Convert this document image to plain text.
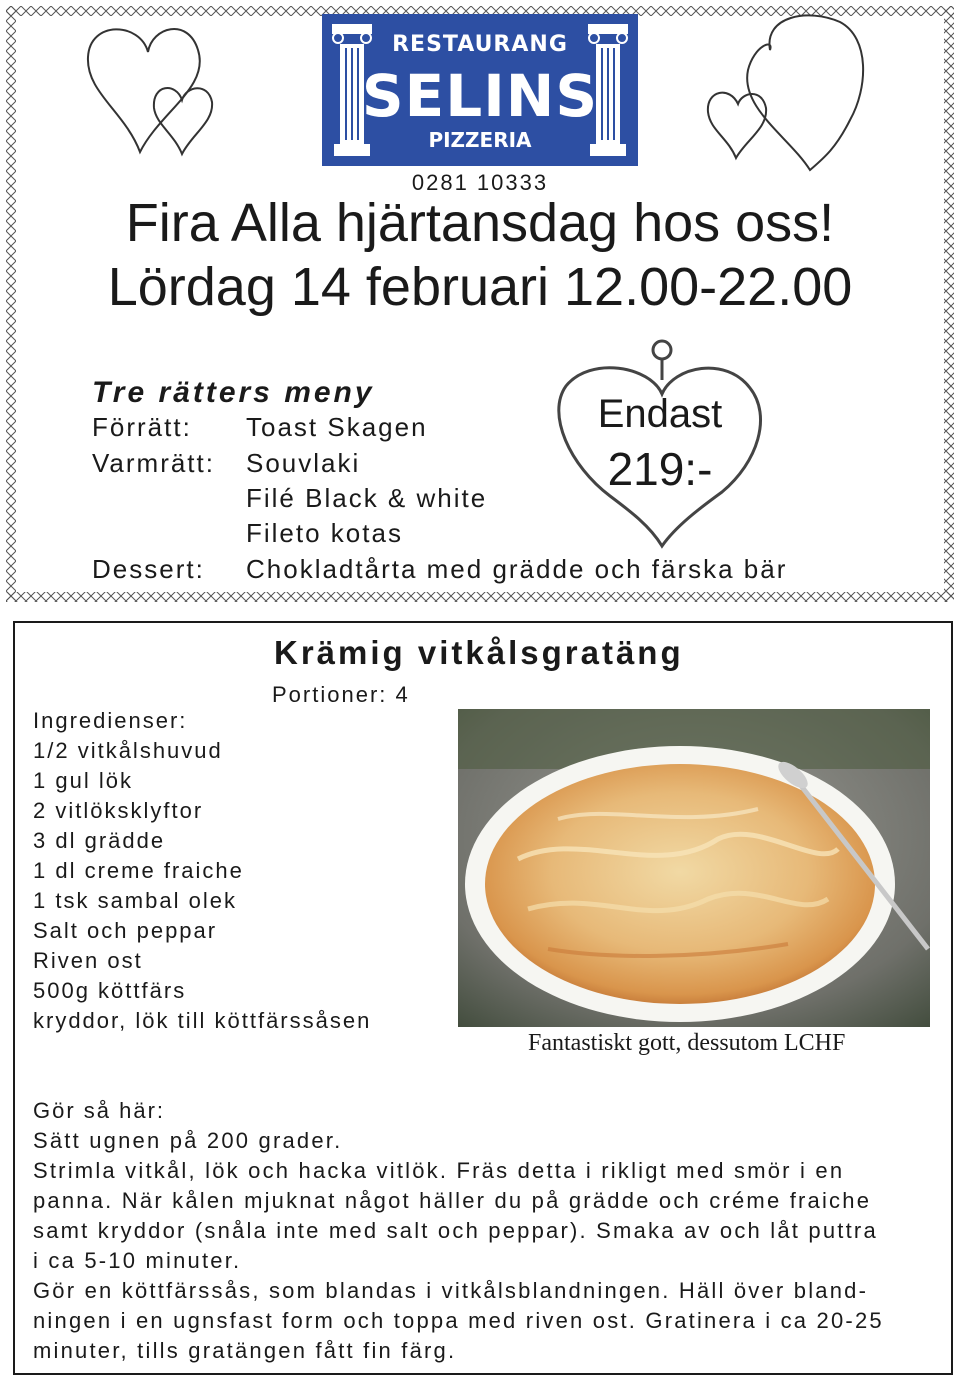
RESTAURANG
SELINS
PIZZERIA
0281 10333
Fira Alla hjärtansdag hos oss!
Lördag 14 februari 12.00-22.00
Tre rätters meny
Förrätt: Toast Skagen
Varmrätt: Souvlaki
Filé Black & white
Fileto kotas
Dessert: Chokladtårta med grädde och färska bär
Endast
219:-
Krämig vitkålsgratäng
Portioner: 4
Ingredienser:
1/2 vitkålshuvud
1 gul lök
2 vitlöksklyftor
3 dl grädde
1 dl creme fraiche
1 tsk sambal olek
Salt och peppar
Riven ost
500g köttfärs
kryddor, lök till köttfärssåsen
Fantastiskt gott, dessutom LCHF
Gör så här:
Sätt ugnen på 200 grader.
Strimla vitkål, lök och hacka vitlök. Fräs detta i rikligt med smör i en
panna. När kålen mjuknat något häller du på grädde och créme fraiche
samt kryddor (snåla inte med salt och peppar). Smaka av och låt puttra
i ca 5-10 minuter.
Gör en köttfärssås, som blandas i vitkålsblandningen. Häll över bland-
ningen i en ugnsfast form och toppa med riven ost. Gratinera i ca 20-25
minuter, tills gratängen fått fin färg.
